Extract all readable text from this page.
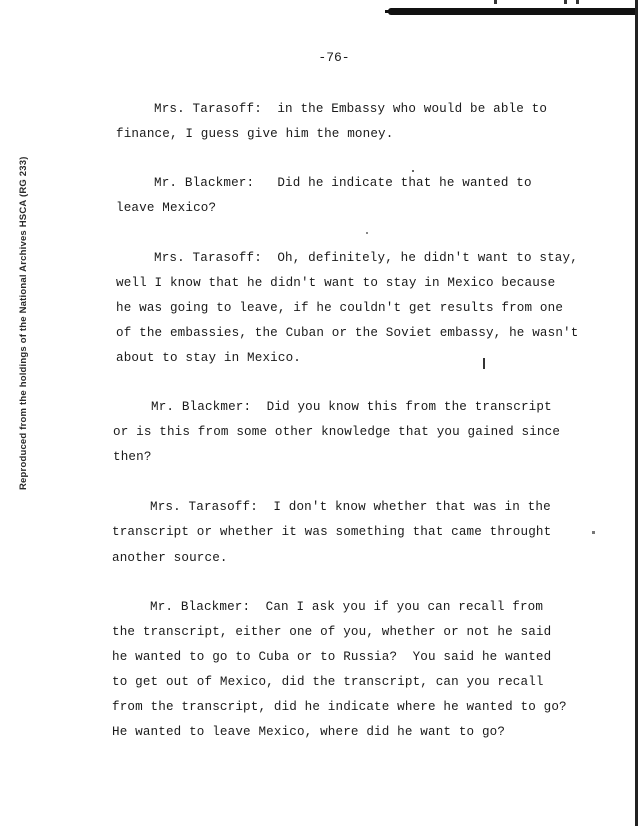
Reproduced from the holdings of the National Archives HSCA (RG 233)
-76-
Mrs. Tarasoff:  in the Embassy who would be able to
finance, I guess give him the money.
Mr. Blackmer:   Did he indicate that he wanted to
leave Mexico?
Mrs. Tarasoff:  Oh, definitely, he didn't want to stay,
well I know that he didn't want to stay in Mexico because
he was going to leave, if he couldn't get results from one
of the embassies, the Cuban or the Soviet embassy, he wasn't
about to stay in Mexico.
Mr. Blackmer:  Did you know this from the transcript
or is this from some other knowledge that you gained since
then?
Mrs. Tarasoff:  I don't know whether that was in the
transcript or whether it was something that came throught
another source.
Mr. Blackmer:  Can I ask you if you can recall from
the transcript, either one of you, whether or not he said
he wanted to go to Cuba or to Russia?  You said he wanted
to get out of Mexico, did the transcript, can you recall
from the transcript, did he indicate where he wanted to go?
He wanted to leave Mexico, where did he want to go?
